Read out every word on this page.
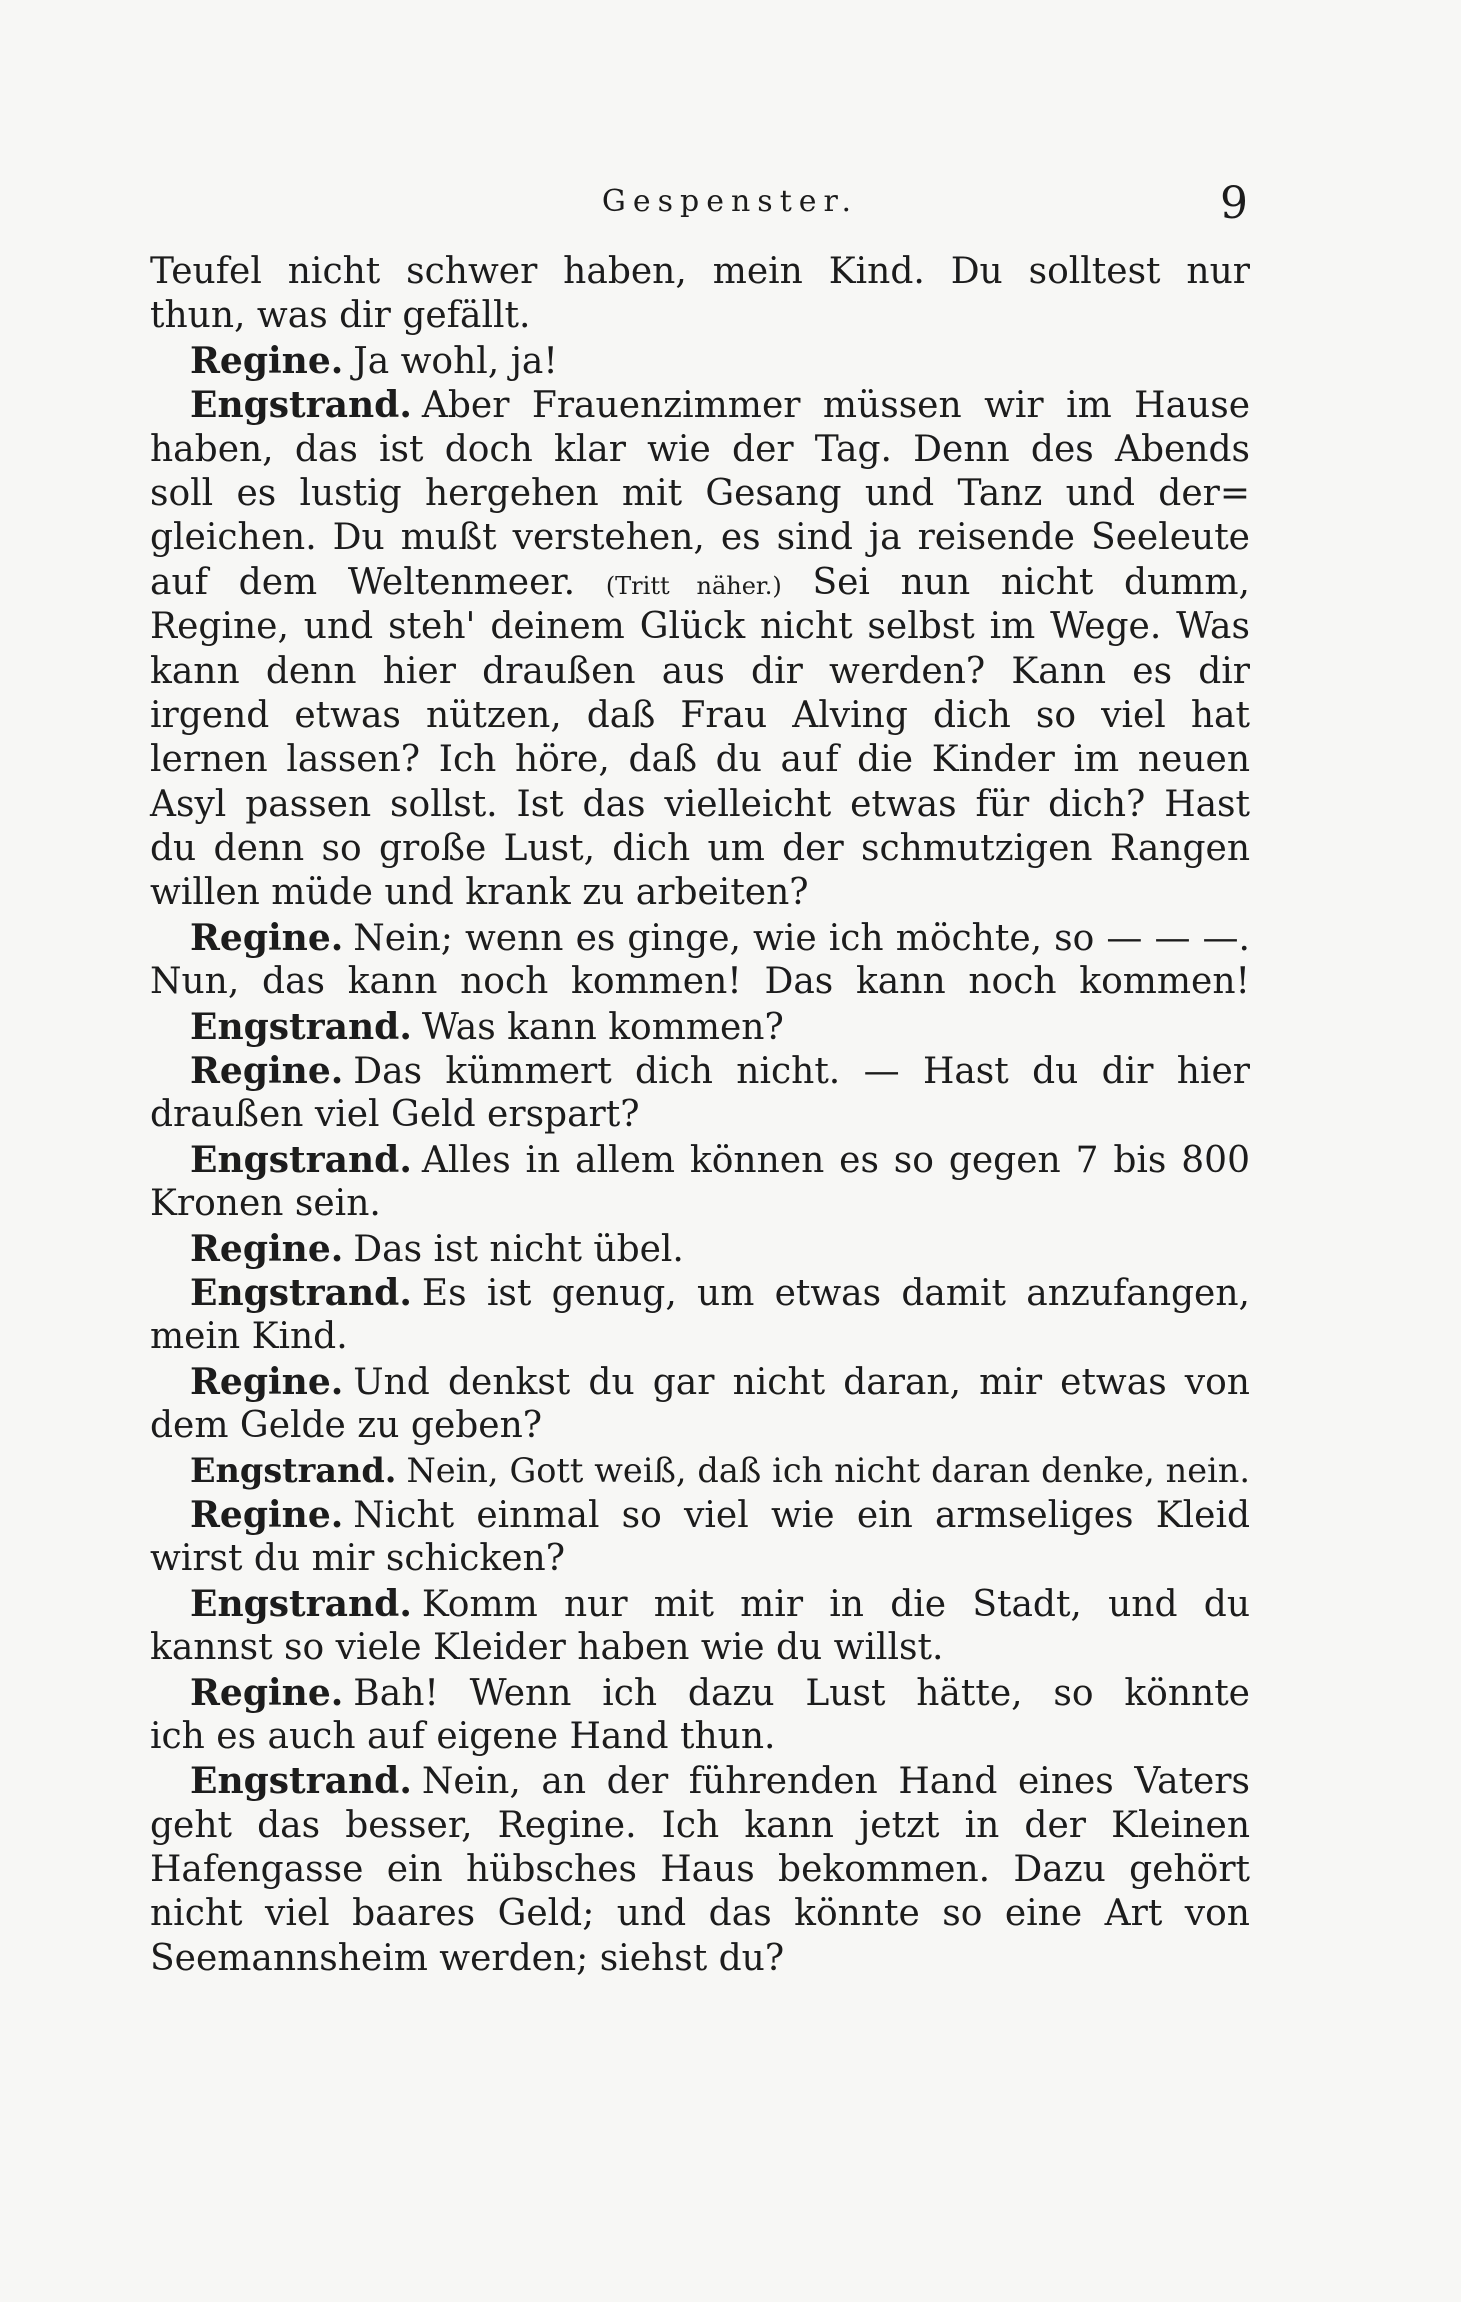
Gespenster.	9
Teufel nicht schwer haben, mein Kind. Du solltest nur
thun, was dir gefällt.
Regine. Ja wohl, ja!
Engstrand. Aber Frauenzimmer müssen wir im Hause
haben, das ist doch klar wie der Tag. Denn des Abends
soll es lustig hergehen mit Gesang und Tanz und der=
gleichen. Du mußt verstehen, es sind ja reisende Seeleute
auf dem Weltenmeer. (Tritt näher.) Sei nun nicht dumm,
Regine, und steh' deinem Glück nicht selbst im Wege. Was
kann denn hier draußen aus dir werden? Kann es dir
irgend etwas nützen, daß Frau Alving dich so viel hat
lernen lassen? Ich höre, daß du auf die Kinder im neuen
Asyl passen sollst. Ist das vielleicht etwas für dich? Hast
du denn so große Lust, dich um der schmutzigen Rangen
willen müde und krank zu arbeiten?
Regine. Nein; wenn es ginge, wie ich möchte, so — — —.
Nun, das kann noch kommen! Das kann noch kommen!
Engstrand. Was kann kommen?
Regine. Das kümmert dich nicht. — Hast du dir hier
draußen viel Geld erspart?
Engstrand. Alles in allem können es so gegen 7 bis 800
Kronen sein.
Regine. Das ist nicht übel.
Engstrand. Es ist genug, um etwas damit anzufangen,
mein Kind.
Regine. Und denkst du gar nicht daran, mir etwas von
dem Gelde zu geben?
Engstrand. Nein, Gott weiß, daß ich nicht daran denke, nein.
Regine. Nicht einmal so viel wie ein armseliges Kleid
wirst du mir schicken?
Engstrand. Komm nur mit mir in die Stadt, und du
kannst so viele Kleider haben wie du willst.
Regine. Bah! Wenn ich dazu Lust hätte, so könnte
ich es auch auf eigene Hand thun.
Engstrand. Nein, an der führenden Hand eines Vaters
geht das besser, Regine. Ich kann jetzt in der Kleinen
Hafengasse ein hübsches Haus bekommen. Dazu gehört
nicht viel baares Geld; und das könnte so eine Art von
Seemannsheim werden; siehst du?
